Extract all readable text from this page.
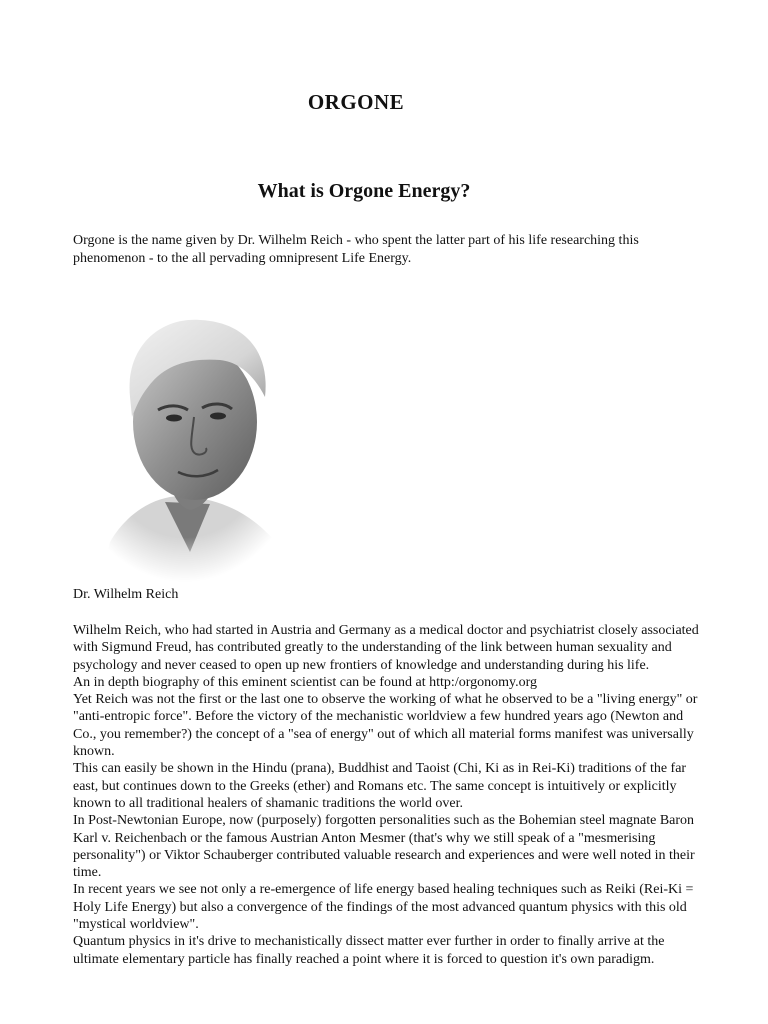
ORGONE
What is Orgone Energy?

Orgone is the name given by Dr. Wilhelm Reich - who spent the latter part of his life researching this phenomenon - to the all pervading omnipresent Life Energy.

Dr. Wilhelm Reich

Wilhelm Reich, who had started in Austria and Germany as a medical doctor and psychiatrist closely associated with Sigmund Freud, has contributed greatly to the understanding of the link between human sexuality and psychology and never ceased to open up new frontiers of knowledge and understanding during his life.
An in depth biography of this eminent scientist can be found at http:/orgonomy.org
Yet Reich was not the first or the last one to observe the working of what he observed to be a "living energy" or "anti-entropic force". Before the victory of the mechanistic worldview a few hundred years ago (Newton and Co., you remember?) the concept of a "sea of energy" out of which all material forms manifest was universally known.
This can easily be shown in the Hindu (prana), Buddhist and Taoist (Chi, Ki as in Rei-Ki) traditions of the far east, but continues down to the Greeks (ether) and Romans etc. The same concept is intuitively or explicitly known to all traditional healers of shamanic traditions the world over.
In Post-Newtonian Europe, now (purposely) forgotten personalities such as the Bohemian steel magnate Baron Karl v. Reichenbach or the famous Austrian Anton Mesmer (that's why we still speak of a "mesmerising personality") or Viktor Schauberger contributed valuable research and experiences and were well noted in their time.
In recent years we see not only a re-emergence of life energy based healing techniques such as Reiki (Rei-Ki = Holy Life Energy) but also a convergence of the findings of the most advanced quantum physics with this old "mystical worldview".
Quantum physics in it's drive to mechanistically dissect matter ever further in order to finally arrive at the ultimate elementary particle has finally reached a point where it is forced to question it's own paradigm.
